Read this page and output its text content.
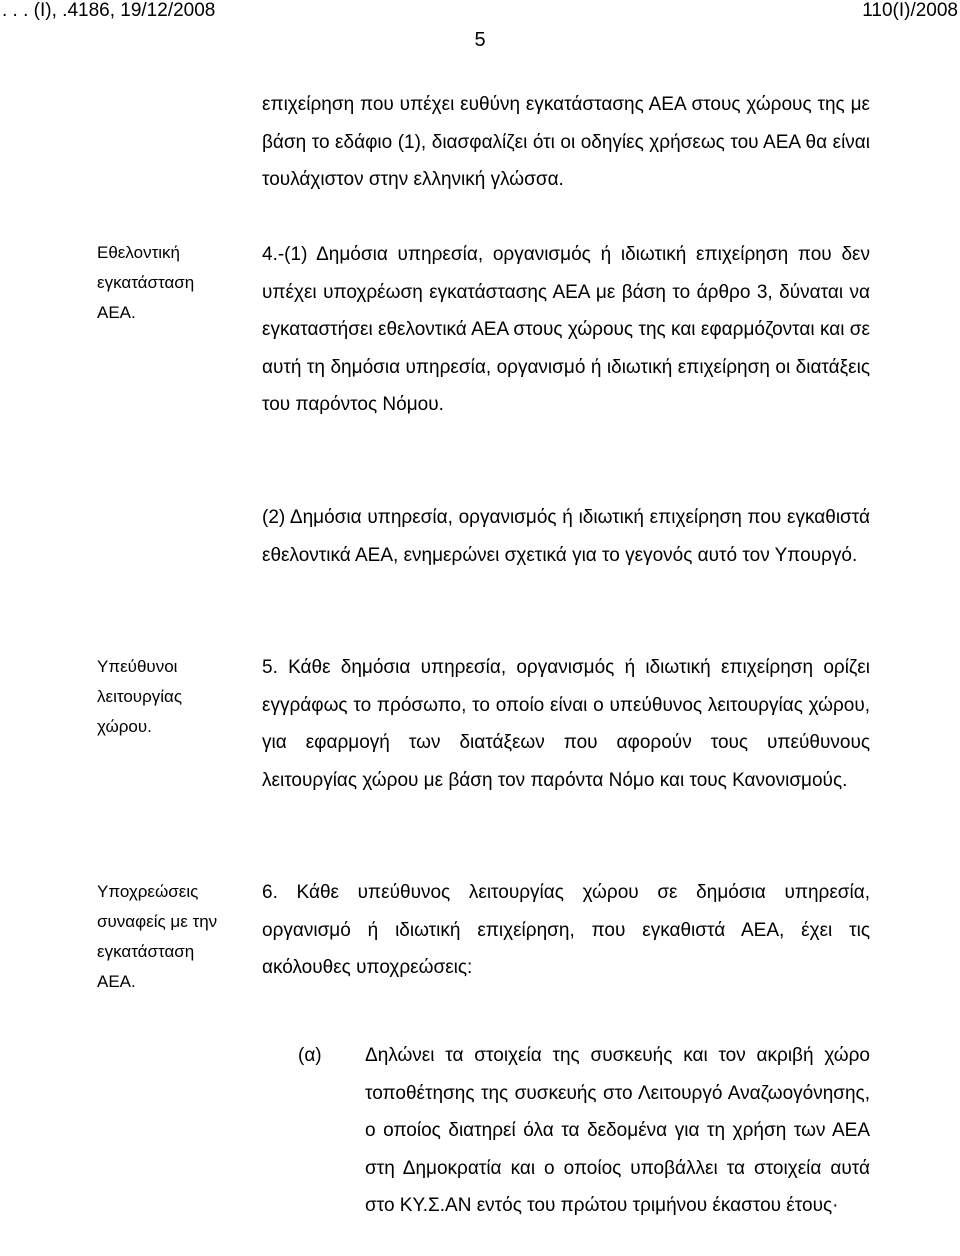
. . . (Ι), .4186, 19/12/2008	110(Ι)/2008
5

επιχείρηση που υπέχει ευθύνη εγκατάστασης ΑΕΑ στους χώρους της με βάση το εδάφιο (1), διασφαλίζει ότι οι οδηγίες χρήσεως του ΑΕΑ θα είναι τουλάχιστον στην ελληνική γλώσσα.

Εθελοντική
εγκατάσταση
ΑΕΑ.

4.-(1) Δημόσια υπηρεσία, οργανισμός ή ιδιωτική επιχείρηση που δεν υπέχει υποχρέωση εγκατάστασης ΑΕΑ με βάση το άρθρο 3, δύναται να εγκαταστήσει εθελοντικά ΑΕΑ στους χώρους της και εφαρμόζονται και σε αυτή τη δημόσια υπηρεσία, οργανισμό ή ιδιωτική επιχείρηση οι διατάξεις του παρόντος Νόμου.

(2) Δημόσια υπηρεσία, οργανισμός ή ιδιωτική επιχείρηση που εγκαθιστά εθελοντικά ΑΕΑ, ενημερώνει σχετικά για το γεγονός αυτό τον Υπουργό.

Υπεύθυνοι
λειτουργίας
χώρου.

5. Κάθε δημόσια υπηρεσία, οργανισμός ή ιδιωτική επιχείρηση ορίζει εγγράφως το πρόσωπο, το οποίο είναι ο υπεύθυνος λειτουργίας χώρου, για εφαρμογή των διατάξεων που αφορούν τους υπεύθυνους λειτουργίας χώρου με βάση τον παρόντα Νόμο και τους Κανονισμούς.

Υποχρεώσεις
συναφείς με την
εγκατάσταση
ΑΕΑ.

6. Κάθε υπεύθυνος λειτουργίας χώρου σε δημόσια υπηρεσία, οργανισμό ή ιδιωτική επιχείρηση, που εγκαθιστά ΑΕΑ, έχει τις ακόλουθες υποχρεώσεις:

(α) Δηλώνει τα στοιχεία της συσκευής και τον ακριβή χώρο τοποθέτησης της συσκευής στο Λειτουργό Αναζωογόνησης, ο οποίος διατηρεί όλα τα δεδομένα για τη χρήση των ΑΕΑ στη Δημοκρατία και ο οποίος υποβάλλει τα στοιχεία αυτά στο ΚΥ.Σ.ΑΝ εντός του πρώτου τριμήνου έκαστου έτους·
